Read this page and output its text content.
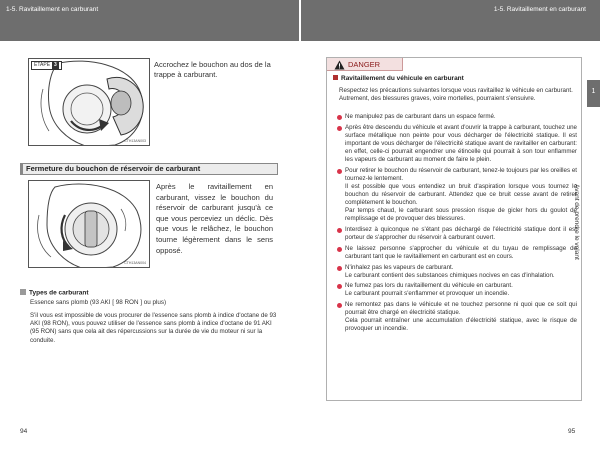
1-5. Ravitaillement en carburant	1-5. Ravitaillement en carburant
1
Avant de prendre le volant
ÉTAPE 3
CTH13AN003

Accrochez le bouchon au dos de la trappe à carburant.

Fermeture du bouchon de réservoir de carburant
CTH13AN004

Après le ravitaillement en carburant, vissez le bouchon du réservoir de carburant jusqu'à ce que vous perceviez un déclic. Dès que vous le relâchez, le bouchon tourne légèrement dans le sens opposé.

Types de carburant

Essence sans plomb (93 AKI [ 98 RON ] ou plus)

S'il vous est impossible de vous procurer de l'essence sans plomb à indice d'octane de 93 AKI (98 RON), vous pouvez utiliser de l'essence sans plomb à indice d'octane de 91 AKI (95 RON) sans que cela ait des répercussions sur la durée de vie du moteur ni sur la conduite.

94
DANGER
Ravitaillement du véhicule en carburant
Respectez les précautions suivantes lorsque vous ravitaillez le véhicule en carburant.
Autrement, des blessures graves, voire mortelles, pourraient s'ensuivre.
Ne manipulez pas de carburant dans un espace fermé.
Après être descendu du véhicule et avant d'ouvrir la trappe à carburant, touchez une surface métallique non peinte pour vous décharger de l'électricité statique. Il est important de vous décharger de l'électricité statique avant de ravitailler en carburant: en effet, celle-ci pourrait engendrer une étincelle qui pourrait à son tour enflammer les vapeurs de carburant au moment de faire le plein.
Pour retirer le bouchon du réservoir de carburant, tenez-le toujours par les oreilles et tournez-le lentement.
Il est possible que vous entendiez un bruit d'aspiration lorsque vous tournez le bouchon du réservoir de carburant. Attendez que ce bruit cesse avant de retirer complètement le bouchon.
Par temps chaud, le carburant sous pression risque de gicler hors du goulot de remplissage et de provoquer des blessures.
Interdisez à quiconque ne s'étant pas déchargé de l'électricité statique dont il est porteur de s'approcher du réservoir à carburant ouvert.
Ne laissez personne s'approcher du véhicule et du tuyau de remplissage de carburant tant que le ravitaillement en carburant est en cours.
N'inhalez pas les vapeurs de carburant.
Le carburant contient des substances chimiques nocives en cas d'inhalation.
Ne fumez pas lors du ravitaillement du véhicule en carburant.
Le carburant pourrait s'enflammer et provoquer un incendie.
Ne remontez pas dans le véhicule et ne touchez personne ni quoi que ce soit qui pourrait être chargé en électricité statique.
Cela pourrait entraîner une accumulation d'électricité statique, avec le risque de provoquer un incendie.
95
